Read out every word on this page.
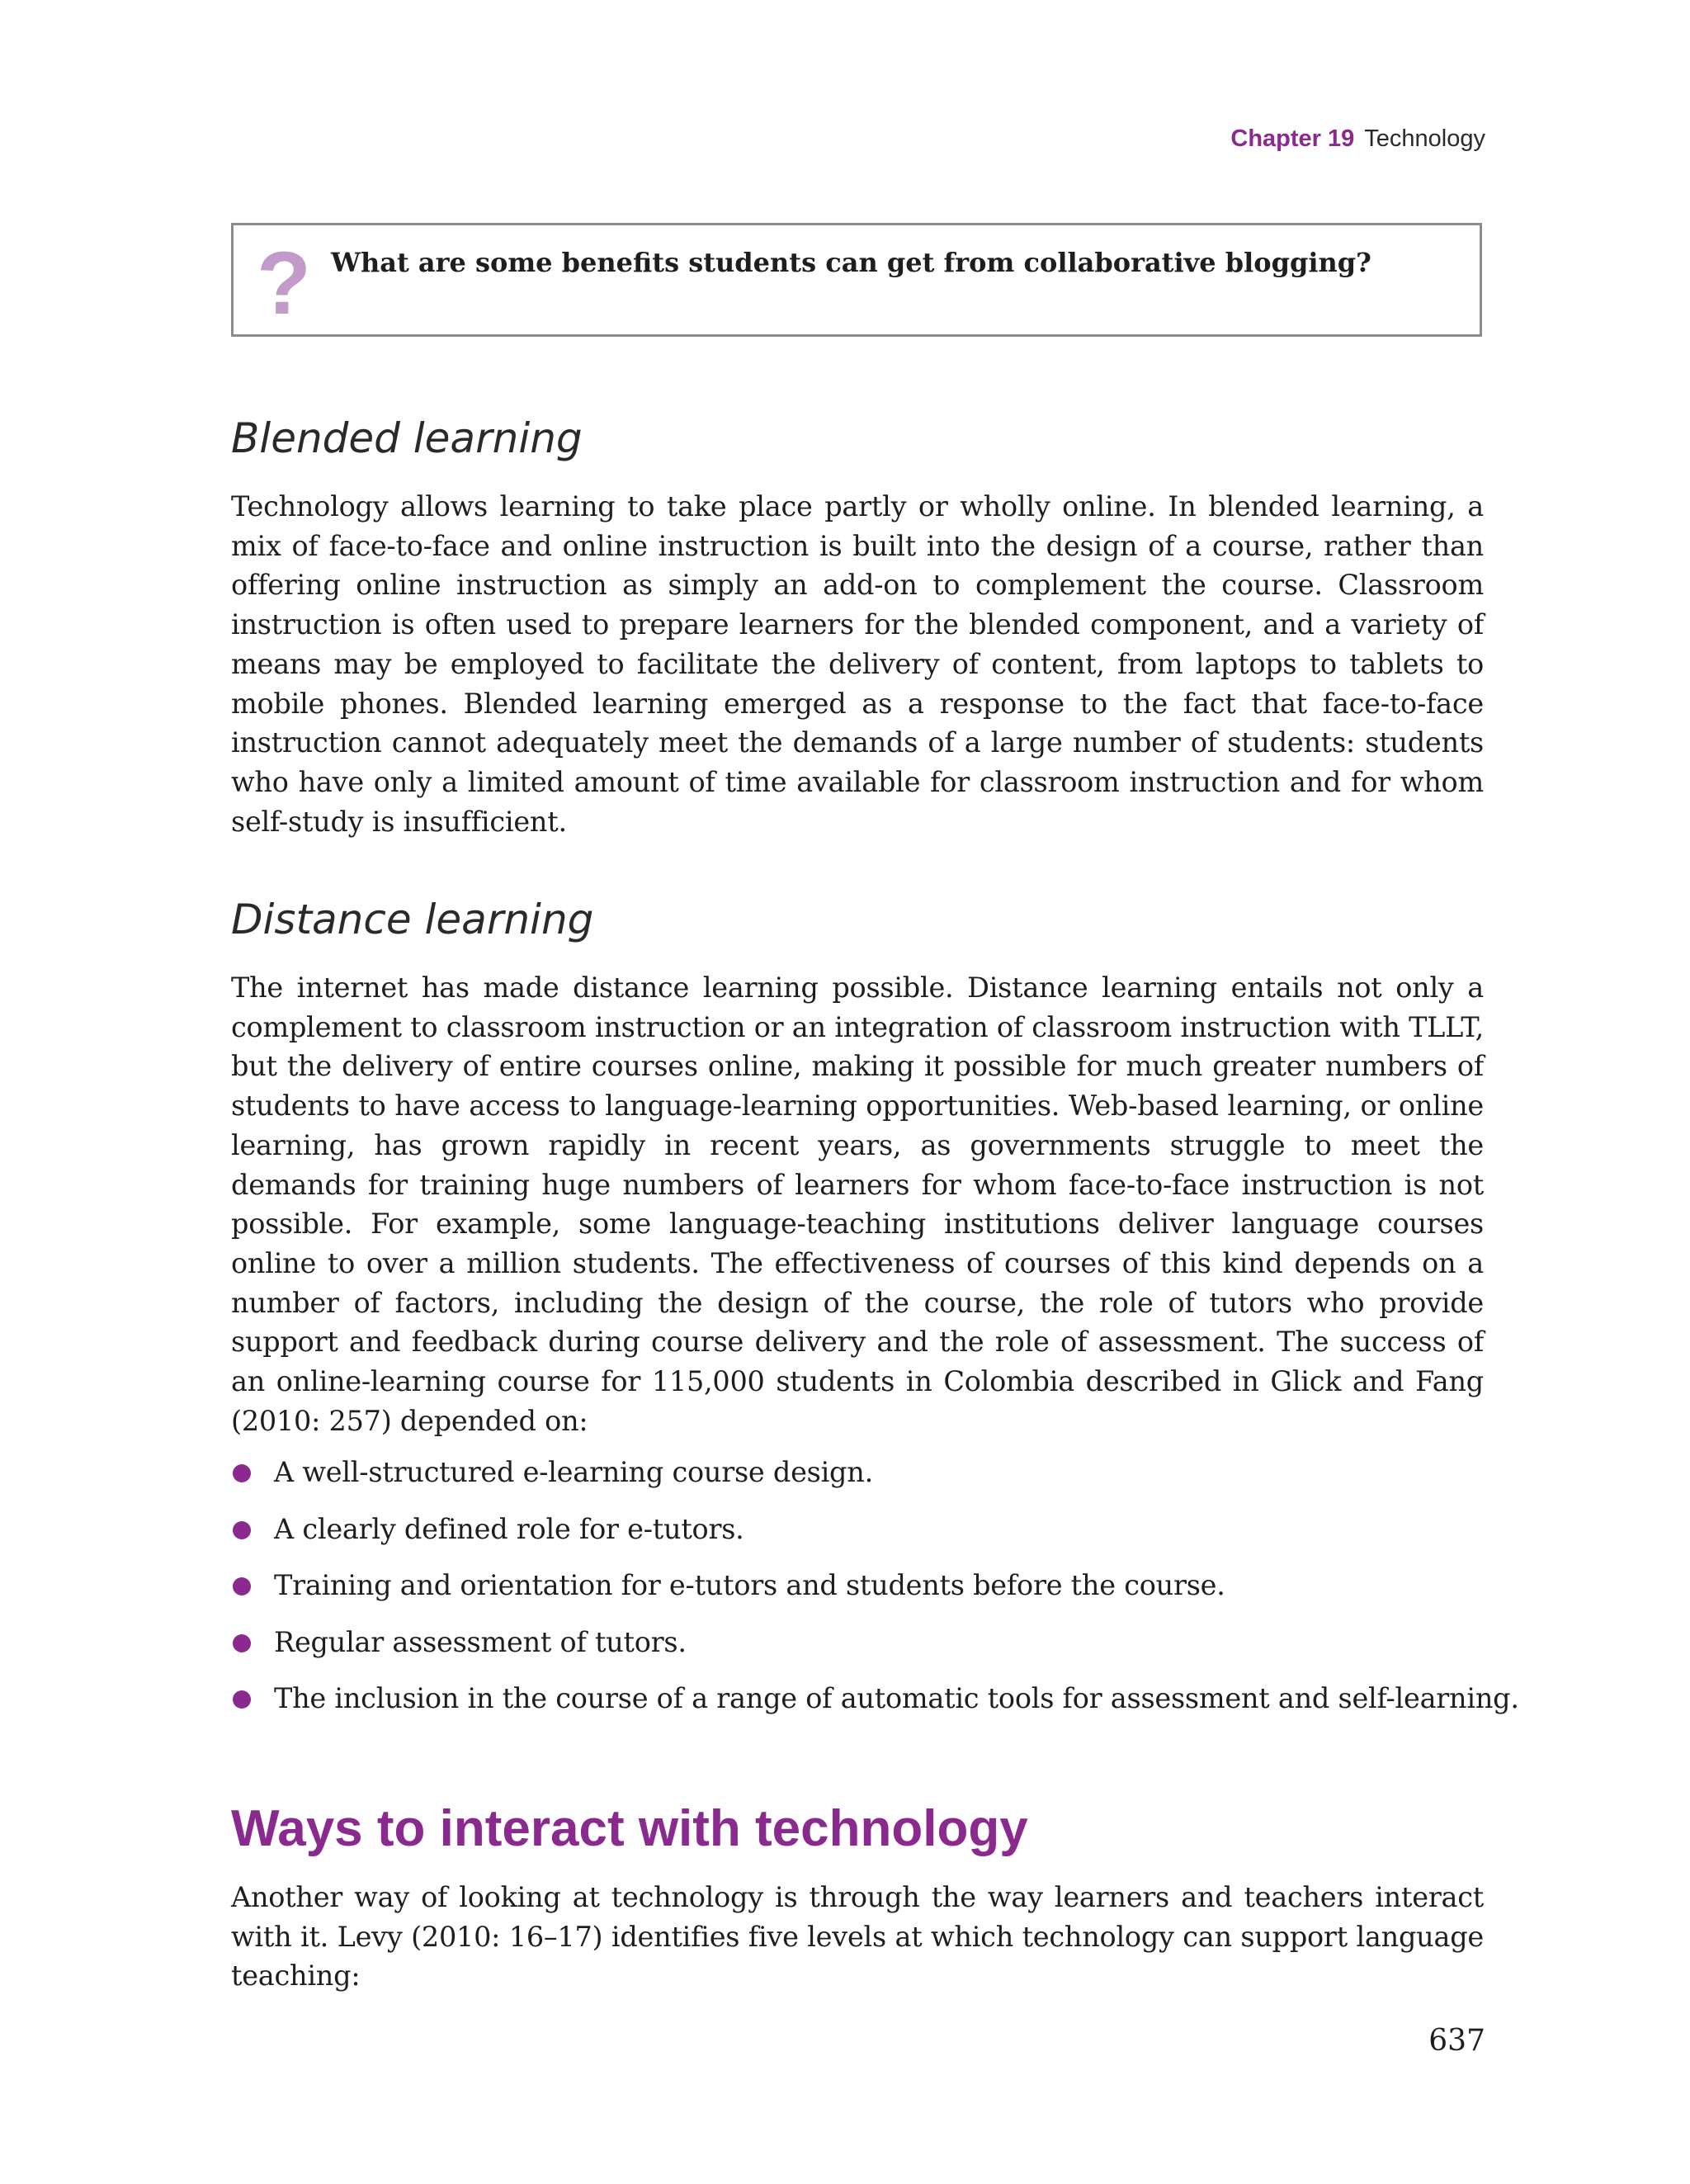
Chapter 19 Technology
? What are some benefits students can get from collaborative blogging?
Blended learning

Technology allows learning to take place partly or wholly online. In blended learning, a mix of face-to-face and online instruction is built into the design of a course, rather than offering online instruction as simply an add-on to complement the course. Classroom instruction is often used to prepare learners for the blended component, and a variety of means may be employed to facilitate the delivery of content, from laptops to tablets to mobile phones. Blended learning emerged as a response to the fact that face-to-face instruction cannot adequately meet the demands of a large number of students: students who have only a limited amount of time available for classroom instruction and for whom self-study is insufficient.

Distance learning

The internet has made distance learning possible. Distance learning entails not only a complement to classroom instruction or an integration of classroom instruction with TLLT, but the delivery of entire courses online, making it possible for much greater numbers of students to have access to language-learning opportunities. Web-based learning, or online learning, has grown rapidly in recent years, as governments struggle to meet the demands for training huge numbers of learners for whom face-to-face instruction is not possible. For example, some language-teaching institutions deliver language courses online to over a million students. The effectiveness of courses of this kind depends on a number of factors, including the design of the course, the role of tutors who provide support and feedback during course delivery and the role of assessment. The success of an online-learning course for 115,000 students in Colombia described in Glick and Fang (2010: 257) depended on:

A well-structured e-learning course design.
A clearly defined role for e-tutors.
Training and orientation for e-tutors and students before the course.
Regular assessment of tutors.
The inclusion in the course of a range of automatic tools for assessment and self-learning.
Ways to interact with technology

Another way of looking at technology is through the way learners and teachers interact with it. Levy (2010: 16–17) identifies five levels at which technology can support language teaching:

637
